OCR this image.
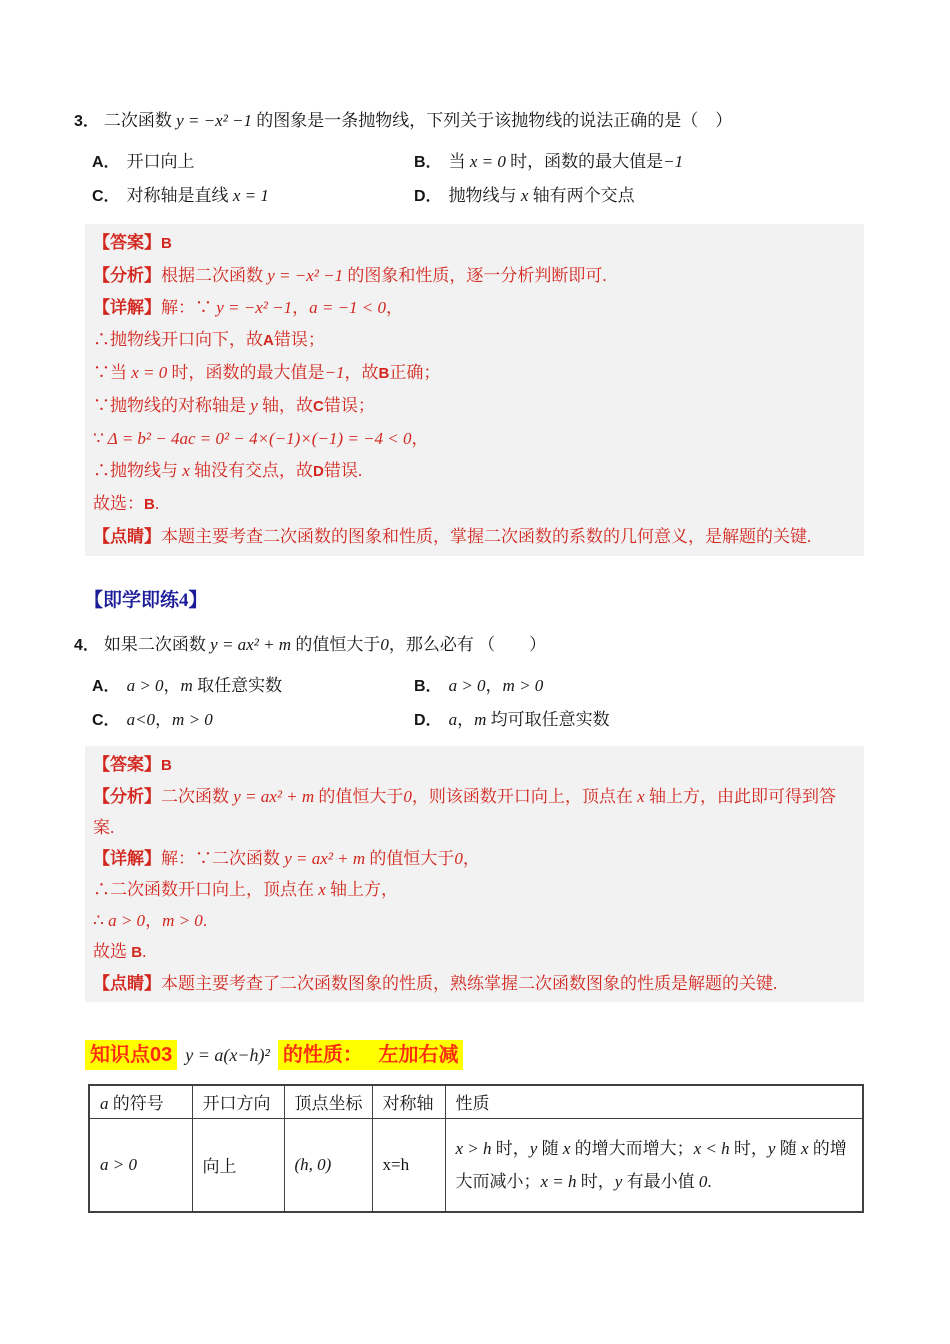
3． 二次函数 y = −x² −1 的图象是一条抛物线，下列关于该抛物线的说法正确的是（　）
A． 开口向上	B． 当 x = 0 时，函数的最大值是−1
C． 对称轴是直线 x = 1	D． 抛物线与 x 轴有两个交点
【答案】B
【分析】根据二次函数 y = −x² −1 的图象和性质，逐一分析判断即可.
【详解】解：∵ y = −x² −1，a = −1 < 0，
∴抛物线开口向下，故A错误；
∵当 x = 0 时，函数的最大值是−1，故B正确；
∵抛物线的对称轴是 y 轴，故C错误；
∵ Δ = b² − 4ac = 0² − 4×(−1)×(−1) = −4 < 0，
∴抛物线与 x 轴没有交点，故D错误.
故选：B.
【点睛】本题主要考查二次函数的图象和性质，掌握二次函数的系数的几何意义，是解题的关键.
【即学即练4】
4． 如果二次函数 y = ax² + m 的值恒大于0，那么必有 （　　）
A． a > 0，m 取任意实数	B． a > 0，m > 0
C． a<0，m > 0	D． a，m 均可取任意实数
【答案】B
【分析】二次函数 y = ax² + m 的值恒大于0，则该函数开口向上，顶点在 x 轴上方，由此即可得到答案.
【详解】解：∵二次函数 y = ax² + m 的值恒大于0，
∴二次函数开口向上，顶点在 x 轴上方，
∴ a > 0，m > 0.
故选 B.
【点睛】本题主要考查了二次函数图象的性质，熟练掌握二次函数图象的性质是解题的关键.
知识点03 y = a(x−h)² 的性质：　 左加右减
a 的符号	开口方向	顶点坐标	对称轴	性质
a > 0	向上	(h, 0)	x=h	x > h 时，y 随 x 的增大而增大；x < h 时，y 随 x 的增大而减小；x = h 时，y 有最小值 0.
